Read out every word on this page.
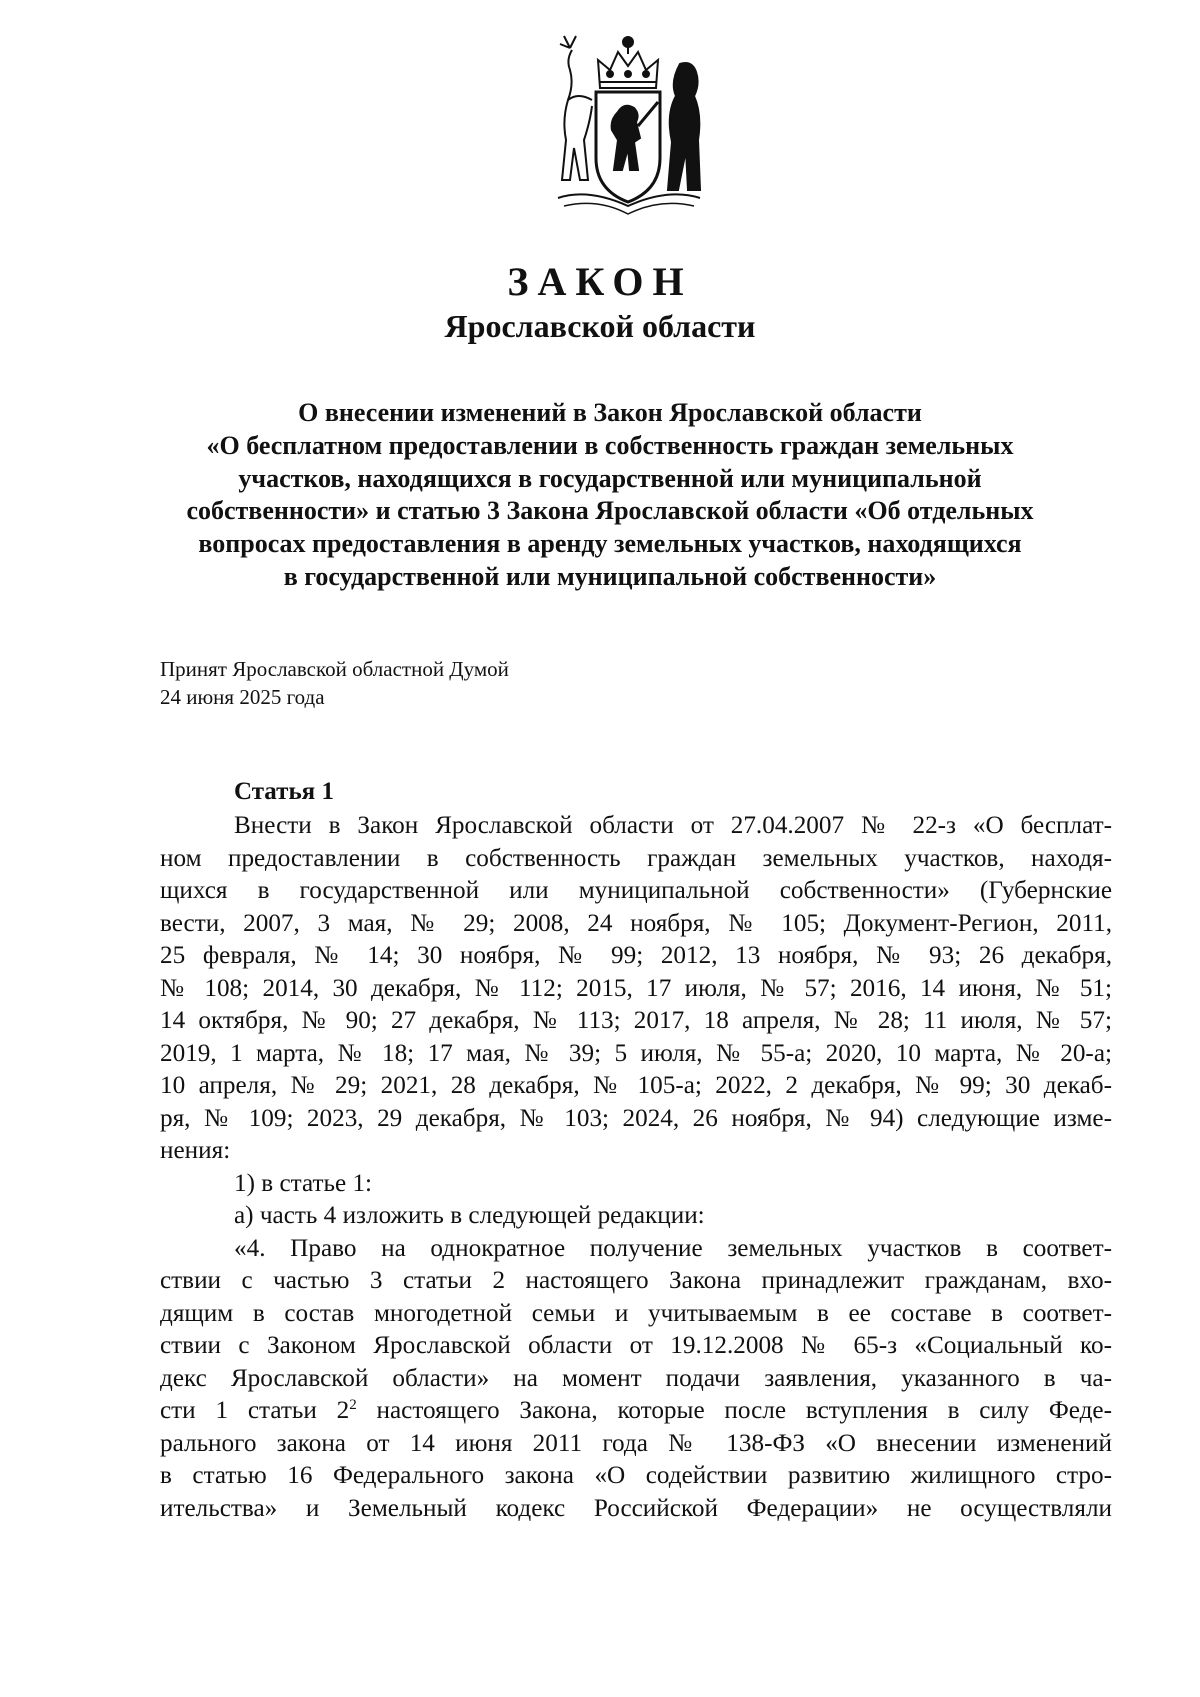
ЗАКОН
Ярославской области
О внесении изменений в Закон Ярославской области
«О бесплатном предоставлении в собственность граждан земельных
участков, находящихся в государственной или муниципальной
собственности» и статью 3 Закона Ярославской области «Об отдельных
вопросах предоставления в аренду земельных участков, находящихся
в государственной или муниципальной собственности»
Принят Ярославской областной Думой
24 июня 2025 года
Статья 1
Внести в Закон Ярославской области от 27.04.2007 № 22-з «О бесплат-
ном предоставлении в собственность граждан земельных участков, находя-
щихся в государственной или муниципальной собственности» (Губернские
вести, 2007, 3 мая, № 29; 2008, 24 ноября, № 105; Документ-Регион, 2011,
25 февраля, № 14; 30 ноября, № 99; 2012, 13 ноября, № 93; 26 декабря,
№ 108; 2014, 30 декабря, № 112; 2015, 17 июля, № 57; 2016, 14 июня, № 51;
14 октября, № 90; 27 декабря, № 113; 2017, 18 апреля, № 28; 11 июля, № 57;
2019, 1 марта, № 18; 17 мая, № 39; 5 июля, № 55-а; 2020, 10 марта, № 20-а;
10 апреля, № 29; 2021, 28 декабря, № 105-а; 2022, 2 декабря, № 99; 30 декаб-
ря, № 109; 2023, 29 декабря, № 103; 2024, 26 ноября, № 94) следующие изме-
нения:
1) в статье 1:
а) часть 4 изложить в следующей редакции:
«4. Право на однократное получение земельных участков в соответ-
ствии с частью 3 статьи 2 настоящего Закона принадлежит гражданам, вхо-
дящим в состав многодетной семьи и учитываемым в ее составе в соответ-
ствии с Законом Ярославской области от 19.12.2008 № 65-з «Социальный ко-
декс Ярославской области» на момент подачи заявления, указанного в ча-
сти 1 статьи $2^2$ настоящего Закона, которые после вступления в силу Феде-
рального закона от 14 июня 2011 года № 138-ФЗ «О внесении изменений
в статью 16 Федерального закона «О содействии развитию жилищного стро-
ительства» и Земельный кодекс Российской Федерации» не осуществляли
